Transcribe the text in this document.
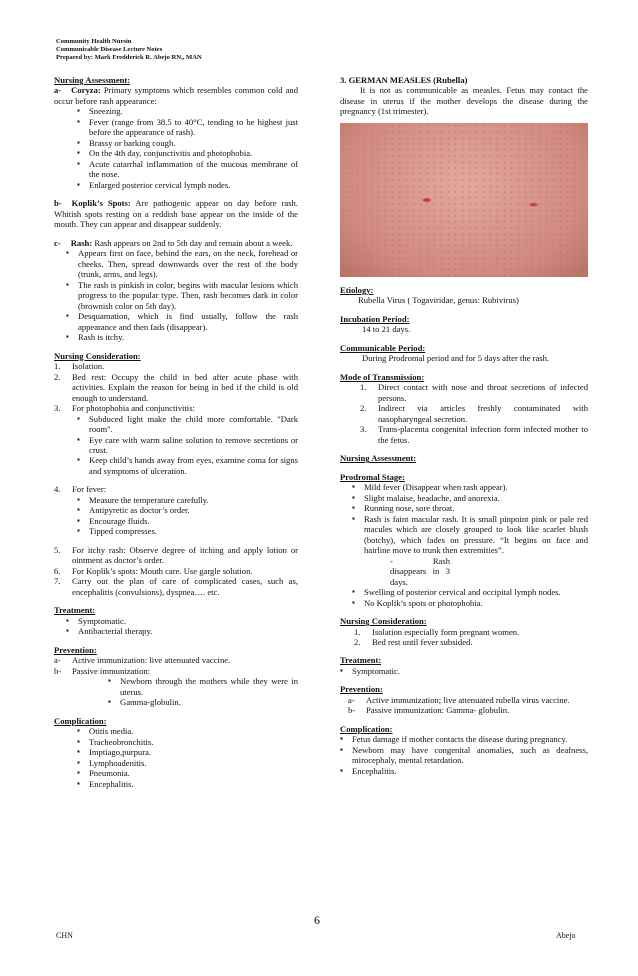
Community Health Nursin
Communicable Disease Lecture Notes
Prepared by: Mark Fredderick R. Abejo RN,, MAN
Nursing Assessment:

a- Coryza: Primary symptoms which resembles common cold and occur before rash appearance:

▪ Sneezing.
▪ Fever (range from 38.5 to 40°C, tending to be highest just before the appearance of rash).
▪ Brassy or barking cough.
▪ On the 4th day, conjunctivitis and photophobia.
▪ Acute catarrhal inflammation of the mucous membrane of the nose.
▪ Enlarged posterior cervical lymph nodes.

b- Koplik’s Spots: Are pathogenic appear on day before rash. Whitish spots resting on a reddish base appear on the inside of the mouth. They can appear and disappear suddenly.

c- Rash: Rash appears on 2nd to 5th day and remain about a week.

▪ Appears first on face, behind the ears, on the neck, forehead or cheeks. Then, spread downwards over the rest of the body (trunk, arms, and legs).
▪ The rash is pinkish in color, begins with macular lesions which progress to the popular type. Then, rash becomes dark in color (brownish color on 5th day).
▪ Desquamation, which is find usually, follow the rash appearance and then fads (disappear).
▪ Rash is itchy.
Nursing Consideration:
1. Isolation.
2. Bed rest: Occupy the child in bed after acute phase with activities. Explain the reason for being in bed if the child is old enough to understand.
3. For photophobia and conjunctivitis:
▪ Subduced light make the child more comfortable. "Dark room".
▪ Eye care with warm saline solution to remove secretions or crust.
▪ Keep child’s hands away from eyes, examine coma for signs and symptoms of ulceration.
4. For fever:
▪ Measure the temperature carefully.
▪ Antipyretic as doctor’s order.
▪ Encourage fluids.
▪ Tipped compresses.
5. For itchy rash: Observe degree of itching and apply lotion or ointment as doctor’s order.
6. For Koplik’s spots: Mouth care. Use gargle solution.
7. Carry out the plan of care of complicated cases, such as, encephalitis (convulsions), dyspnea…. etc.
Treatment:
▪ Symptomatic.
▪ Antibacterial therapy.
Prevention:
a- Active immunization: live attenuated vaccine.
b- Passive immunization:
▪ Newborn through the mothers while they were in uterus.
▪ Gamma-globulin.
Complication:
▪ Otitis media.
▪ Tracheobronchitis.
▪ Imptiago,purpura.
▪ Lymphoadenitis.
▪ Pneumonia.
▪ Encephalitis.
3. GERMAN MEASLES (Rubella)

It is not as communicable as measles. Fetus may contact the disease in uterus if the mother develops the disease during the pregnancy (1st trimester).

Etiology:

Rubella Virus ( Togaviridae, genus: Rubivirus)

Incubation Period:

14 to 21 days.

Communicable Period:

During Prodromal period and for 5 days after the rash.

Mode of Transmission:
1. Direct contact with nose and throat secretions of infected persons.
2. Indirect via articles freshly contaminated with nasopharyngeal secretion.
3. Trans-placenta congenital infection form infected mother to the fetus.
Nursing Assessment:
Prodromal Stage:
▪ Mild fever (Disappear when rash appear).
▪ Slight malaise, headache, and anorexia.
▪ Running nose, sore throat.
▪ Rash is faint macular rash. It is small pinpoint pink or pale red macules which are closely grouped to look like scarlet blush (botchy), which fades on pressure. “It begins on face and hairline move to trunk then extremities”.

-   Rash disappears in 3 days.

▪ Swelling of posterior cervical and occipital lymph nodes.
▪ No Koplik’s spots or photophobia.
Nursing Consideration:
1. Isolation especially form pregnant women.
2. Bed rest until fever subsided.
Treatment:
▪ Symptomatic.
Prevention:
a- Active immunization; live attenuated rubella virus vaccine.
b- Passive immunization: Gamma- globulin.
Complication:
▪ Fetus damage if mother contacts the disease during pregnancy.
▪ Newborn may have congenital anomalies, such as deafness, mirocephaly, mental retardation.
▪ Encephalitis.
6
CHN	Abejo
